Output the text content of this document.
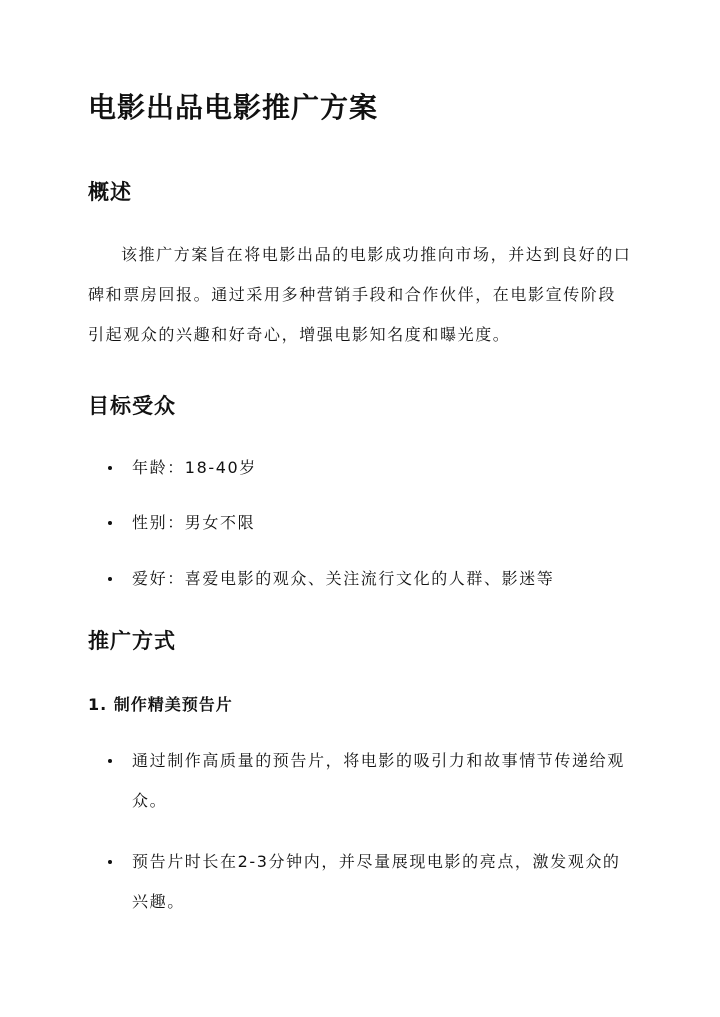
电影出品电影推广方案
概述

该推广方案旨在将电影出品的电影成功推向市场，并达到良好的口碑和票房回报。通过采用多种营销手段和合作伙伴，在电影宣传阶段引起观众的兴趣和好奇心，增强电影知名度和曝光度。

目标受众
年龄：18-40岁
性别：男女不限
爱好：喜爱电影的观众、关注流行文化的人群、影迷等
推广方式
1. 制作精美预告片
通过制作高质量的预告片，将电影的吸引力和故事情节传递给观众。
预告片时长在2-3分钟内，并尽量展现电影的亮点，激发观众的兴趣。
